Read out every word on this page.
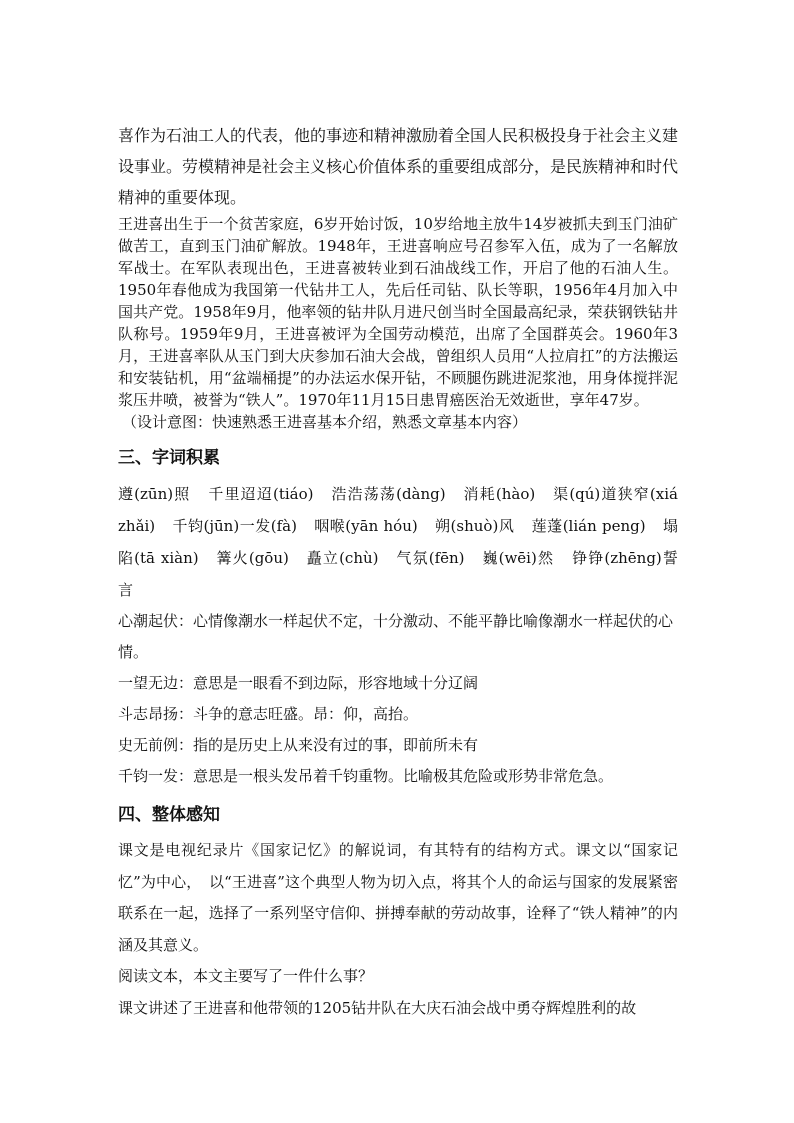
喜作为石油工人的代表，他的事迹和精神激励着全国人民积极投身于社会主义建设事业。劳模精神是社会主义核心价值体系的重要组成部分，是民族精神和时代精神的重要体现。

王进喜出生于一个贫苦家庭，6岁开始讨饭，10岁给地主放牛14岁被抓夫到玉门油矿做苦工，直到玉门油矿解放。1948年，王进喜响应号召参军入伍，成为了一名解放军战士。在军队表现出色，王进喜被转业到石油战线工作，开启了他的石油人生。1950年春他成为我国第一代钻井工人，先后任司钻、队长等职，1956年4月加入中国共产党。1958年9月，他率领的钻井队月进尺创当时全国最高纪录，荣获钢铁钻井队称号。1959年9月，王进喜被评为全国劳动模范，出席了全国群英会。1960年3月，王进喜率队从玉门到大庆参加石油大会战，曾组织人员用“人拉肩扛”的方法搬运和安装钻机，用“盆端桶提”的办法运水保开钻，不顾腿伤跳进泥浆池，用身体搅拌泥浆压井喷，被誉为“铁人”。1970年11月15日患胃癌医治无效逝世，享年47岁。

（设计意图：快速熟悉王进喜基本介绍，熟悉文章基本内容）

三、字词积累

遵(zūn)照 千里迢迢(tiáo) 浩浩荡荡(dàng) 消耗(hào) 渠(qú)道狭窄(xiá zhǎi) 千钧(jūn)一发(fà) 咽喉(yān hóu) 朔(shuò)风 莲蓬(lián peng) 塌陷(tā xiàn) 篝火(gōu) 矗立(chù) 气氛(fēn) 巍(wēi)然 铮铮(zhēng)誓言

心潮起伏：心情像潮水一样起伏不定，十分激动、不能平静比喻像潮水一样起伏的心情。

一望无边：意思是一眼看不到边际，形容地域十分辽阔

斗志昂扬：斗争的意志旺盛。昂：仰，高抬。

史无前例：指的是历史上从来没有过的事，即前所未有

千钧一发：意思是一根头发吊着千钧重物。比喻极其危险或形势非常危急。

四、整体感知

课文是电视纪录片《国家记忆》的解说词，有其特有的结构方式。课文以“国家记忆”为中心，　以“王进喜”这个典型人物为切入点，将其个人的命运与国家的发展紧密联系在一起，选择了一系列坚守信仰、拼搏奉献的劳动故事，诠释了“铁人精神”的内涵及其意义。

阅读文本，本文主要写了一件什么事？

课文讲述了王进喜和他带领的1205钻井队在大庆石油会战中勇夺辉煌胜利的故
